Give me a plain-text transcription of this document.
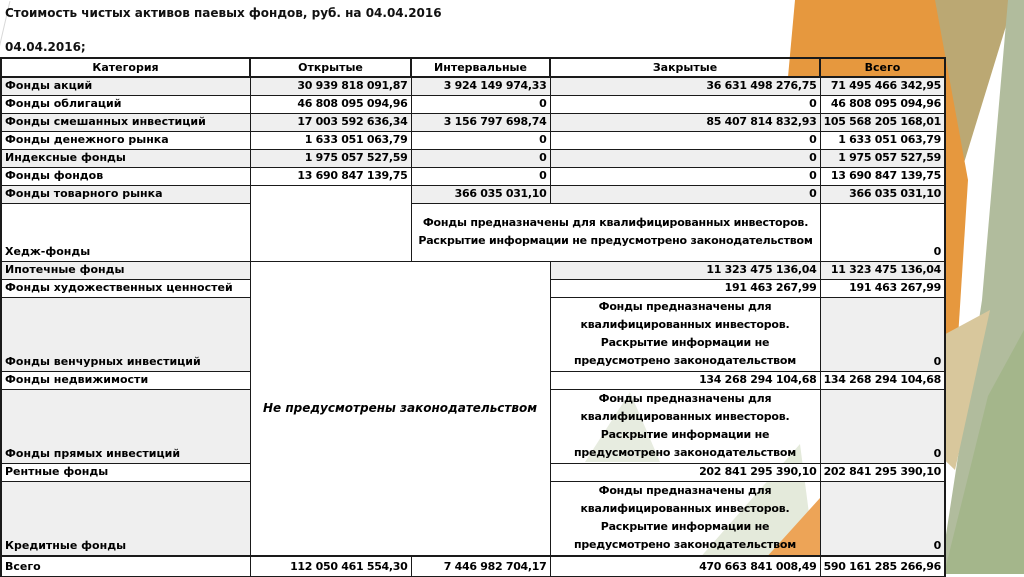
Стоимость чистых активов паевых фондов, руб. на 04.04.2016
04.04.2016;
Категория	Открытые	Интервальные	Закрытые	Всего
Фонды акций	30 939 818 091,87	3 924 149 974,33	36 631 498 276,75	71 495 466 342,95
Фонды облигаций	46 808 095 094,96	0	0	46 808 095 094,96
Фонды смешанных инвестиций	17 003 592 636,34	3 156 797 698,74	85 407 814 832,93	105 568 205 168,01
Фонды денежного рынка	1 633 051 063,79	0	0	1 633 051 063,79
Индексные фонды	1 975 057 527,59	0	0	1 975 057 527,59
Фонды фондов	13 690 847 139,75	0	0	13 690 847 139,75
Фонды товарного рынка		366 035 031,10	0	366 035 031,10
Хедж-фонды		Фонды предназначены для квалифицированных инвесторов. Раскрытие информации не предусмотрено законодательством		0
Ипотечные фонды	Не предусмотрены законодательством		11 323 475 136,04	11 323 475 136,04
Фонды художественных ценностей			191 463 267,99	191 463 267,99
Фонды венчурных инвестиций			Фонды предназначены для квалифицированных инвесторов. Раскрытие информации не предусмотрено законодательством	0
Фонды недвижимости			134 268 294 104,68	134 268 294 104,68
Фонды прямых инвестиций			Фонды предназначены для квалифицированных инвесторов. Раскрытие информации не предусмотрено законодательством	0
Рентные фонды			202 841 295 390,10	202 841 295 390,10
Кредитные фонды			Фонды предназначены для квалифицированных инвесторов. Раскрытие информации не предусмотрено законодательством	0
Всего	112 050 461 554,30	7 446 982 704,17	470 663 841 008,49	590 161 285 266,96
